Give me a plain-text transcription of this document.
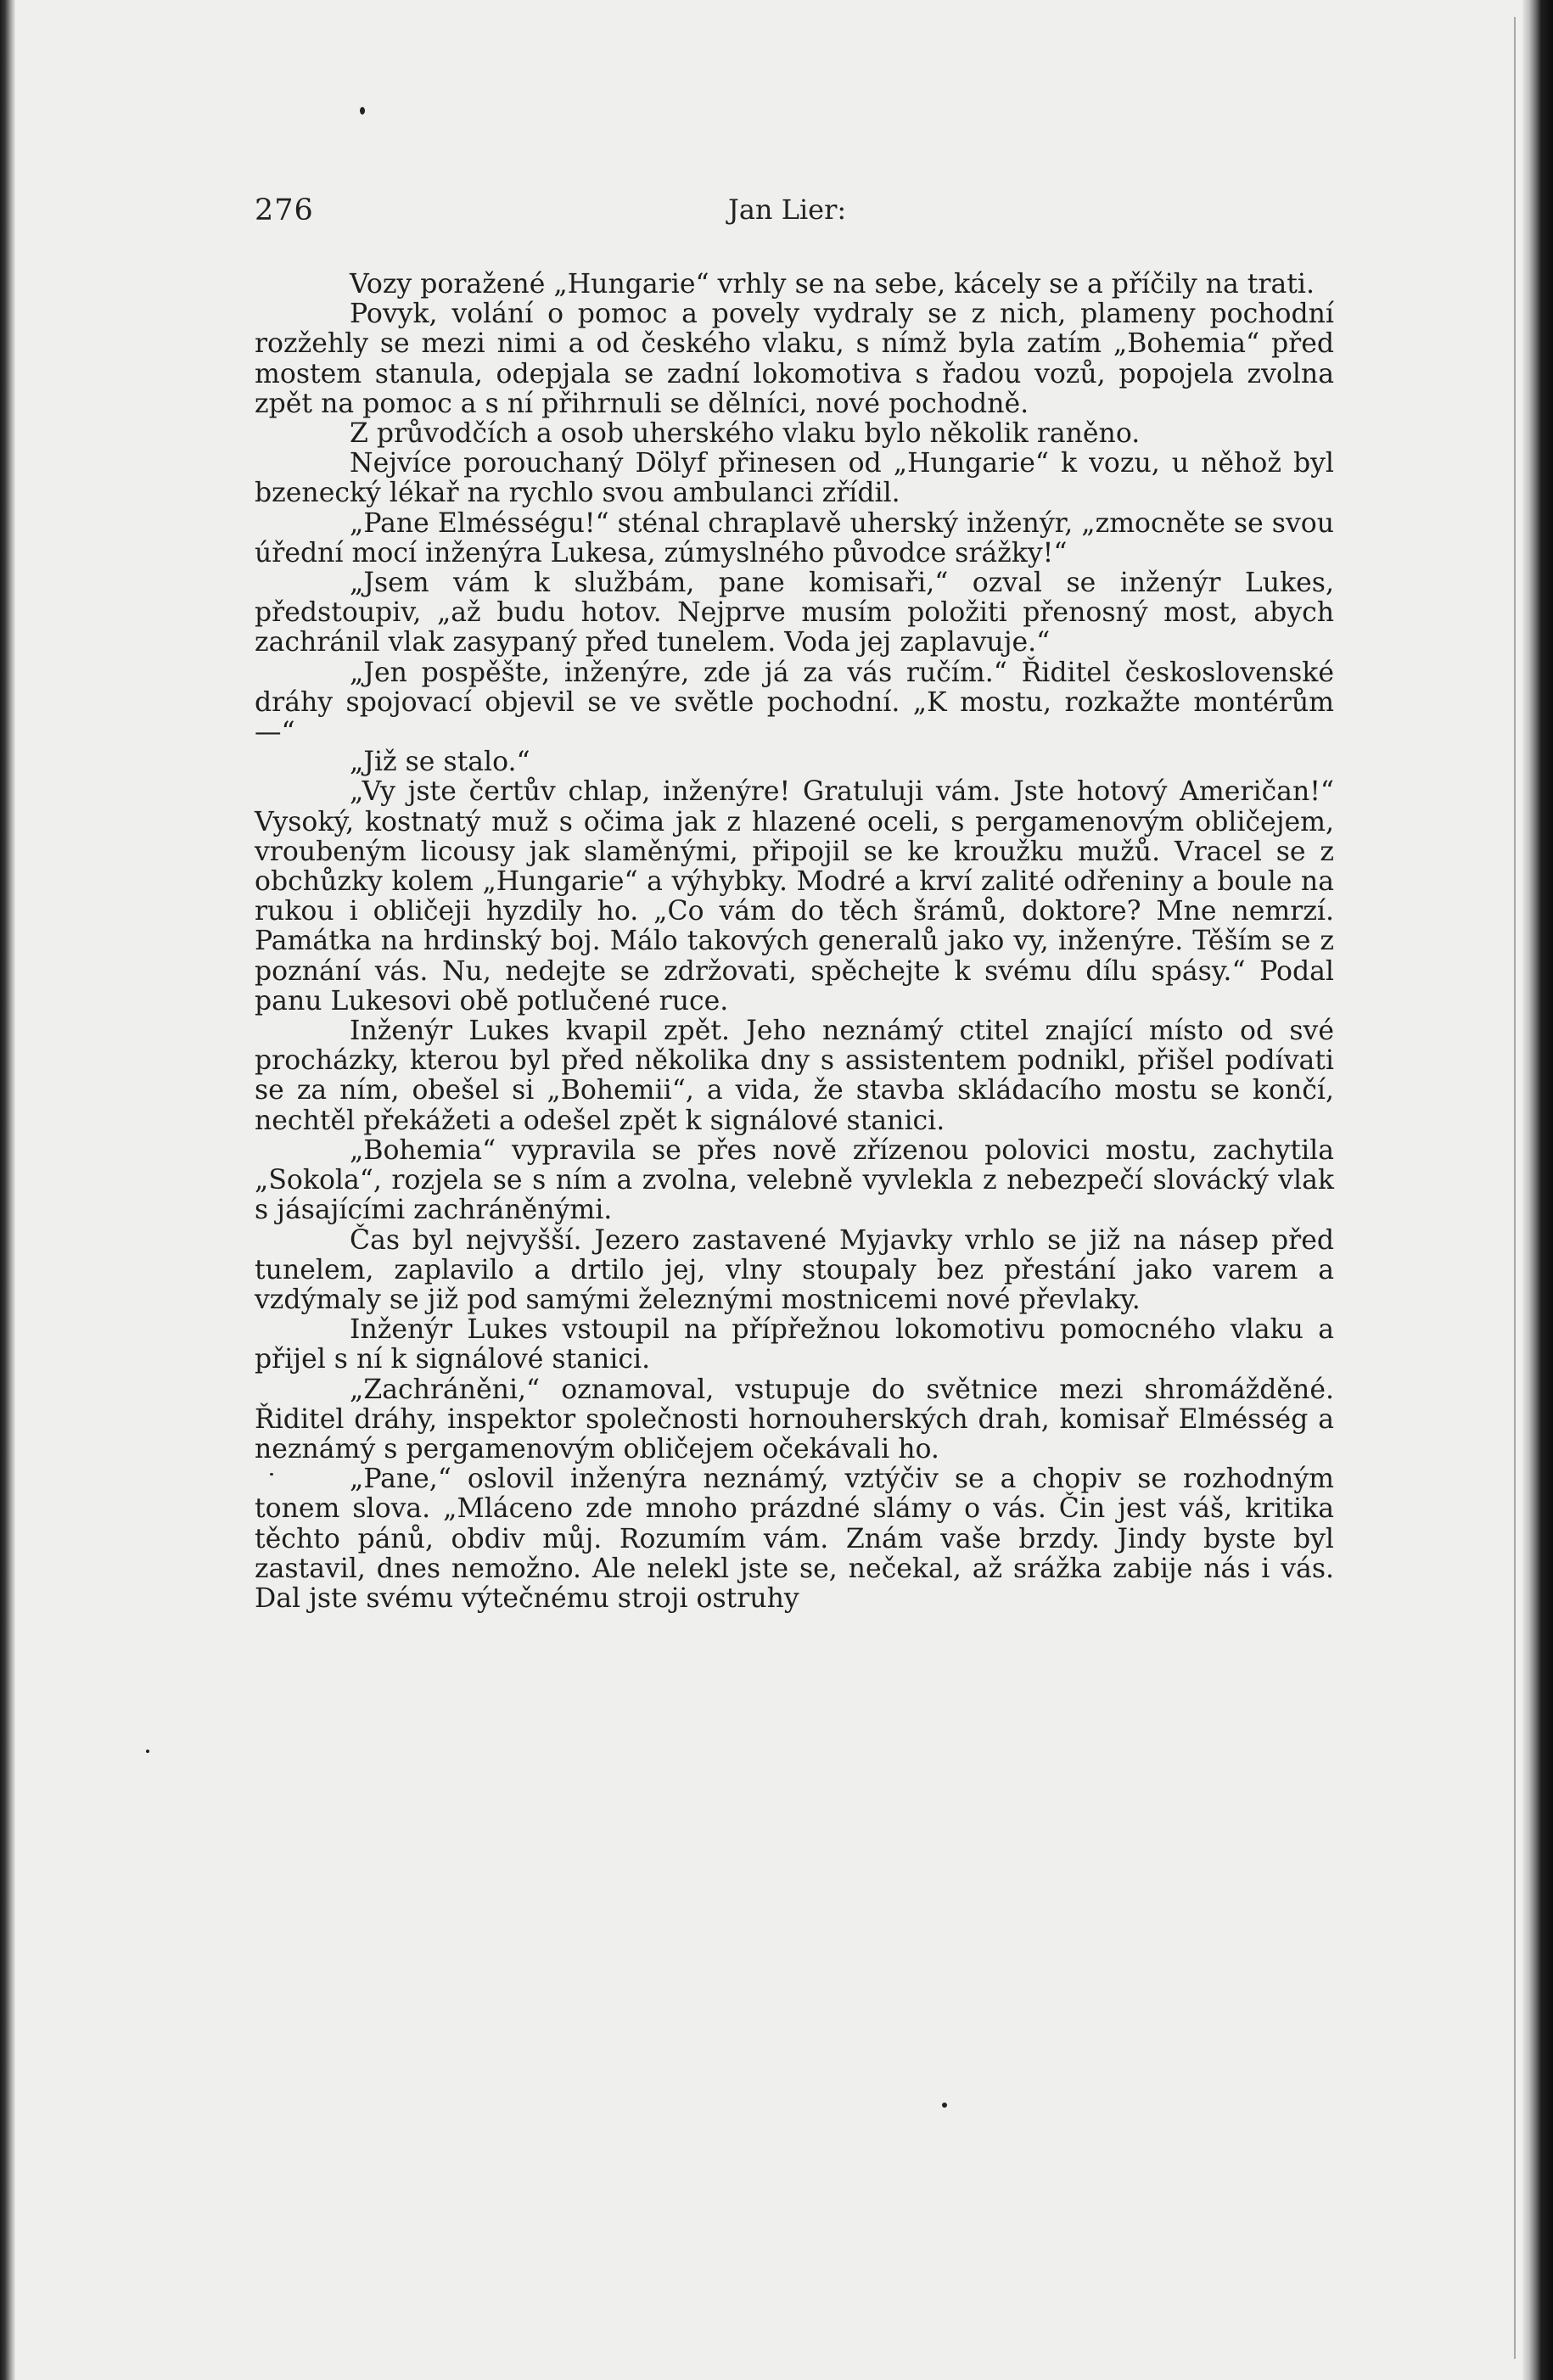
276	Jan Lier:

Vozy poražené „Hungarie“ vrhly se na sebe, kácely se a příčily na trati.

Povyk, volání o pomoc a povely vydraly se z nich, plameny pochodní rozžehly se mezi nimi a od českého vlaku, s nímž byla zatím „Bohemia“ před mostem stanula, odepjala se zadní lokomotiva s řadou vozů, popojela zvolna zpět na pomoc a s ní přihrnuli se dělníci, nové pochodně.

Z průvodčích a osob uherského vlaku bylo několik raněno.

Nejvíce porouchaný Dölyf přinesen od „Hungarie“ k vozu, u něhož byl bzenecký lékař na rychlo svou ambulanci zřídil.

„Pane Elmésségu!“ sténal chraplavě uherský inženýr, „zmocněte se svou úřední mocí inženýra Lukesa, zúmyslného původce srážky!“

„Jsem vám k službám, pane komisaři,“ ozval se inženýr Lukes, předstoupiv, „až budu hotov. Nejprve musím položiti přenosný most, abych zachránil vlak zasypaný před tunelem. Voda jej zaplavuje.“

„Jen pospěšte, inženýre, zde já za vás ručím.“ Řiditel československé dráhy spojovací objevil se ve světle pochodní. „K mostu, rozkažte montérům —“

„Již se stalo.“

„Vy jste čertův chlap, inženýre! Gratuluji vám. Jste hotový Američan!“ Vysoký, kostnatý muž s očima jak z hlazené oceli, s pergamenovým obličejem, vroubeným licousy jak slaměnými, připojil se ke kroužku mužů. Vracel se z obchůzky kolem „Hungarie“ a výhybky. Modré a krví zalité odřeniny a boule na rukou i obličeji hyzdily ho. „Co vám do těch šrámů, doktore? Mne nemrzí. Památka na hrdinský boj. Málo takových generalů jako vy, inženýre. Těším se z poznání vás. Nu, nedejte se zdržovati, spěchejte k svému dílu spásy.“ Podal panu Lukesovi obě potlučené ruce.

Inženýr Lukes kvapil zpět. Jeho neznámý ctitel znající místo od své procházky, kterou byl před několika dny s assistentem podnikl, přišel podívati se za ním, obešel si „Bohemii“, a vida, že stavba skládacího mostu se končí, nechtěl překážeti a odešel zpět k signálové stanici.

„Bohemia“ vypravila se přes nově zřízenou polovici mostu, zachytila „Sokola“, rozjela se s ním a zvolna, velebně vyvlekla z nebezpečí slovácký vlak s jásajícími zachráněnými.

Čas byl nejvyšší. Jezero zastavené Myjavky vrhlo se již na násep před tunelem, zaplavilo a drtilo jej, vlny stoupaly bez přestání jako varem a vzdýmaly se již pod samými železnými mostnicemi nové převlaky.

Inženýr Lukes vstoupil na přípřežnou lokomotivu pomocného vlaku a přijel s ní k signálové stanici.

„Zachráněni,“ oznamoval, vstupuje do světnice mezi shromážděné. Řiditel dráhy, inspektor společnosti hornouherských drah, komisař Elmésség a neznámý s pergamenovým obličejem očekávali ho.

„Pane,“ oslovil inženýra neznámý, vztýčiv se a chopiv se rozhodným tonem slova. „Mláceno zde mnoho prázdné slámy o vás. Čin jest váš, kritika těchto pánů, obdiv můj. Rozumím vám. Znám vaše brzdy. Jindy byste byl zastavil, dnes nemožno. Ale nelekl jste se, nečekal, až srážka zabije nás i vás. Dal jste svému výtečnému stroji ostruhy
